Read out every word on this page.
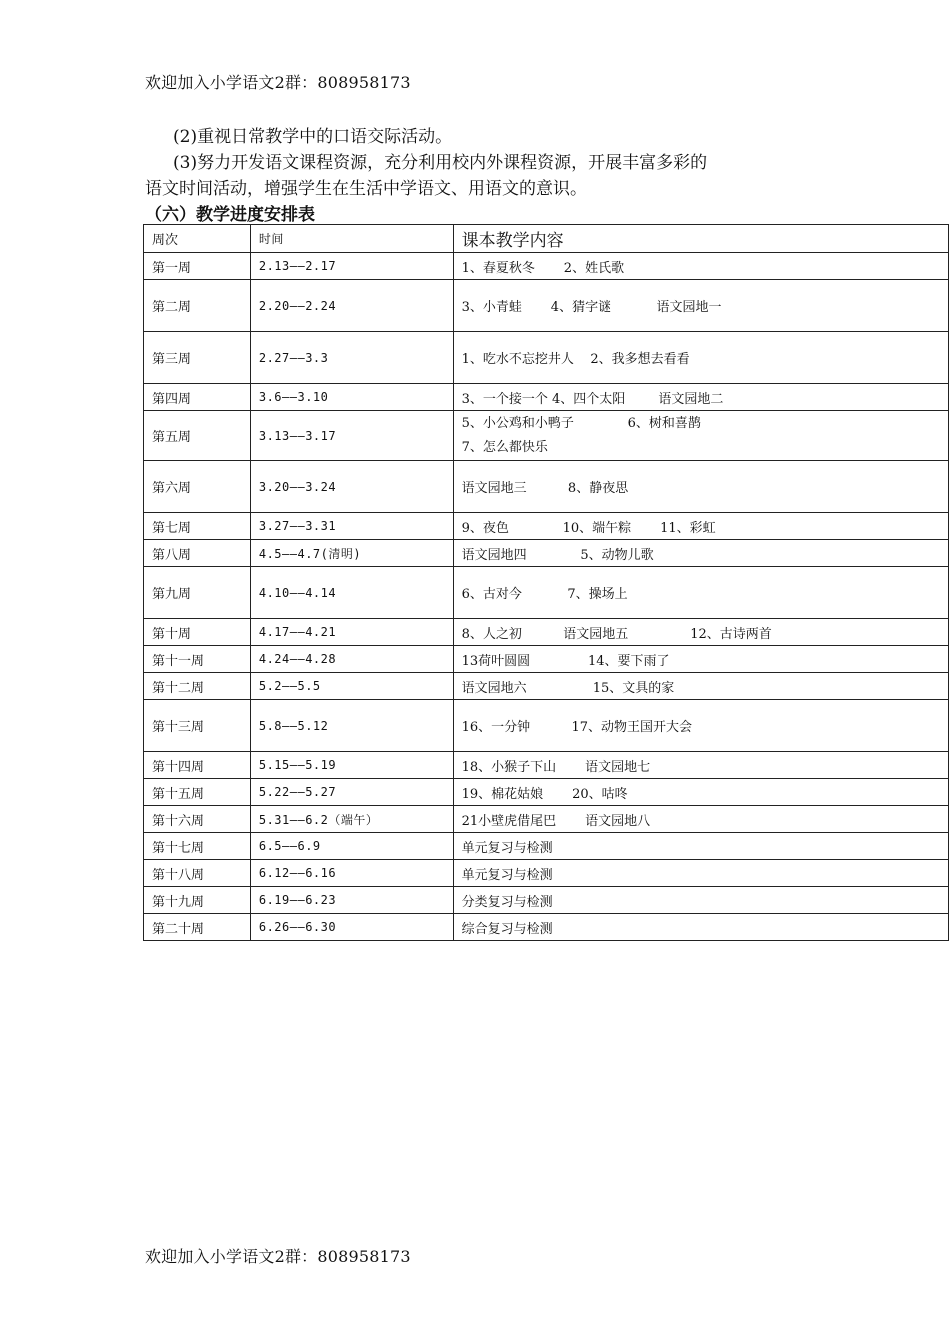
欢迎加入小学语文2群：808958173
(2)重视日常教学中的口语交际活动。
(3)努力开发语文课程资源，充分利用校内外课程资源，开展丰富多彩的
语文时间活动，增强学生在生活中学语文、用语文的意识。
（六）教学进度安排表
周次	时间	课本教学内容
第一周	2.13——2.17	1、春夏秋冬       2、姓氏歌
第二周	2.20——2.24	3、小青蛙       4、猜字谜           语文园地一
第三周	2.27——3.3	1、吃水不忘挖井人    2、我多想去看看
第四周	3.6——3.10	3、一个接一个 4、四个太阳        语文园地二
第五周	3.13——3.17	5、小公鸡和小鸭子             6、树和喜鹊
7、怎么都快乐
第六周	3.20——3.24	语文园地三          8、静夜思
第七周	3.27——3.31	9、夜色             10、端午粽       11、彩虹
第八周	4.5——4.7(清明)	语文园地四             5、动物儿歌
第九周	4.10——4.14	6、古对今           7、操场上
第十周	4.17——4.21	8、人之初          语文园地五               12、古诗两首
第十一周	4.24——4.28	13荷叶圆圆              14、要下雨了
第十二周	5.2——5.5	语文园地六                15、文具的家
第十三周	5.8——5.12	16、一分钟          17、动物王国开大会
第十四周	5.15——5.19	18、小猴子下山       语文园地七
第十五周	5.22——5.27	19、棉花姑娘       20、咕咚
第十六周	5.31——6.2（端午）	21小壁虎借尾巴       语文园地八
第十七周	6.5——6.9	单元复习与检测
第十八周	6.12——6.16	单元复习与检测
第十九周	6.19——6.23	分类复习与检测
第二十周	6.26——6.30	综合复习与检测
欢迎加入小学语文2群：808958173
